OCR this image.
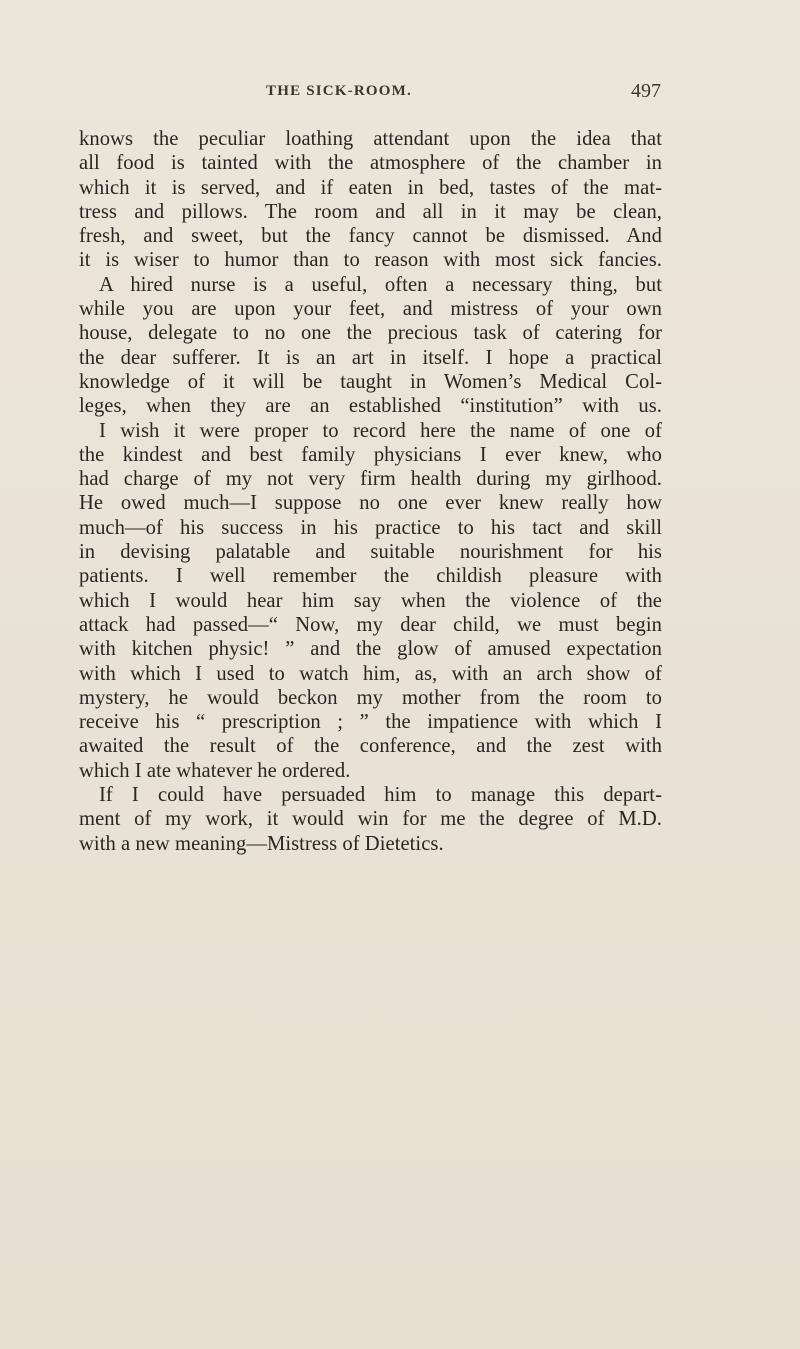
THE SICK-ROOM.	497
knows the peculiar loathing attendant upon the idea that
all food is tainted with the atmosphere of the chamber in
which it is served, and if eaten in bed, tastes of the mat-
tress and pillows. The room and all in it may be clean,
fresh, and sweet, but the fancy cannot be dismissed. And
it is wiser to humor than to reason with most sick fancies.
A hired nurse is a useful, often a necessary thing, but
while you are upon your feet, and mistress of your own
house, delegate to no one the precious task of catering for
the dear sufferer. It is an art in itself. I hope a practical
knowledge of it will be taught in Women’s Medical Col-
leges, when they are an established “institution” with us.
I wish it were proper to record here the name of one of
the kindest and best family physicians I ever knew, who
had charge of my not very firm health during my girlhood.
He owed much—I suppose no one ever knew really how
much—of his success in his practice to his tact and skill
in devising palatable and suitable nourishment for his
patients. I well remember the childish pleasure with
which I would hear him say when the violence of the
attack had passed—“ Now, my dear child, we must begin
with kitchen physic! ” and the glow of amused expectation
with which I used to watch him, as, with an arch show of
mystery, he would beckon my mother from the room to
receive his “ prescription ; ” the impatience with which I
awaited the result of the conference, and the zest with
which I ate whatever he ordered.
If I could have persuaded him to manage this depart-
ment of my work, it would win for me the degree of M.D.
with a new meaning—Mistress of Dietetics.
